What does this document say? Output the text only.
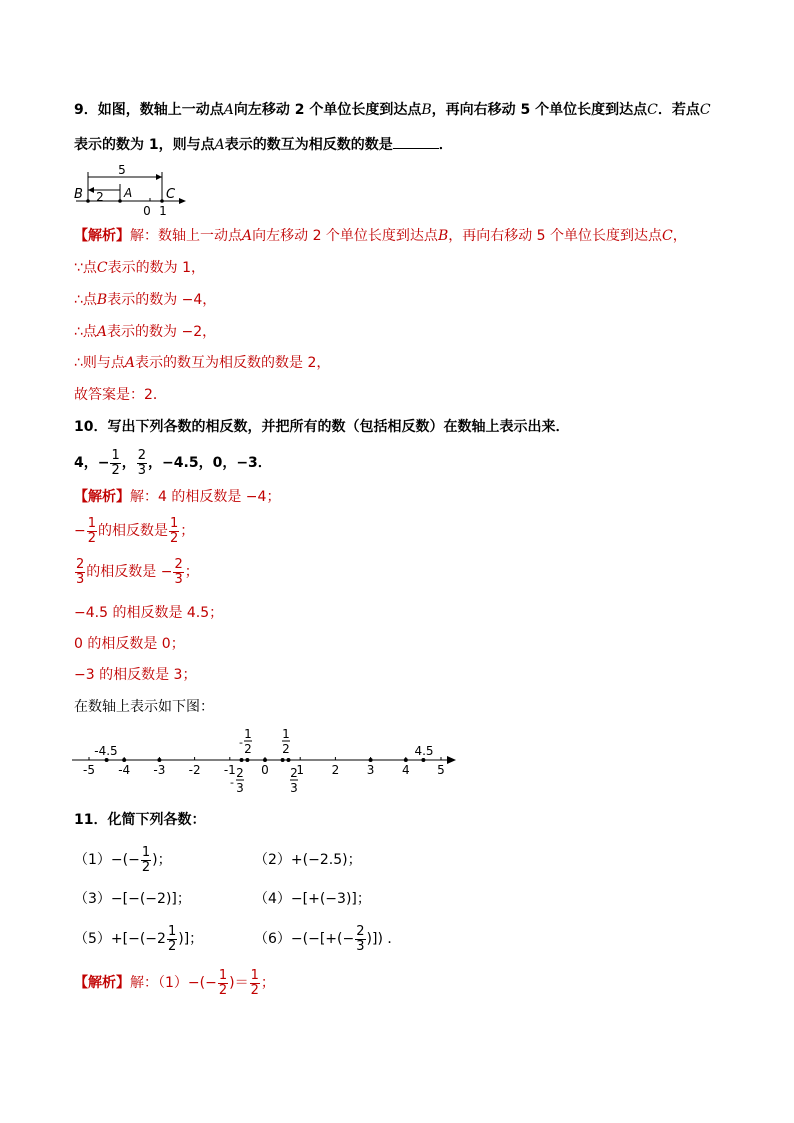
9．如图，数轴上一动点A向左移动 2 个单位长度到达点B，再向右移动 5 个单位长度到达点C．若点C
表示的数为 1，则与点A表示的数互为相反数的数是	．
5
2
B	A	C
0 1
【解析】解：数轴上一动点A向左移动 2 个单位长度到达点B，再向右移动 5 个单位长度到达点C，
∵点C表示的数为 1，
∴点B表示的数为 −4，
∴点A表示的数为 −2，
∴则与点A表示的数互为相反数的数是 2，
故答案是：2．
10．写出下列各数的相反数，并把所有的数（包括相反数）在数轴上表示出来．
4，− $\frac{1}{2}$ ， $\frac{2}{3}$ ，−4.5，0，−3．
【解析】解：4 的相反数是 −4；
− $\frac{1}{2}$ 的相反数是 $\frac{1}{2}$ ；
$\frac{2}{3}$ 的相反数是 − $\frac{2}{3}$ ；
−4.5 的相反数是 4.5；
0 的相反数是 0；
−3 的相反数是 3；
在数轴上表示如下图：
-5 -4 -3 -2 -1 0 1 2 3 4 5
-4.5	4.5
-
1
2
1
2
2
3
-
2
3
11．化简下列各数：
$(1)-(- \frac{1}{2}$ )；	（2）+(−2.5)；
（3）−[−(−2)]；	（4）−[+(−3)]；
$(5)+[-(-2 \frac{1}{2}$ )]；	$(6)-(-[+(- \frac{2}{3}$ )]) ．
【解析】解：$(1)-(- \frac{1}{2}$ )＝ $\frac{1}{2}$ ；
